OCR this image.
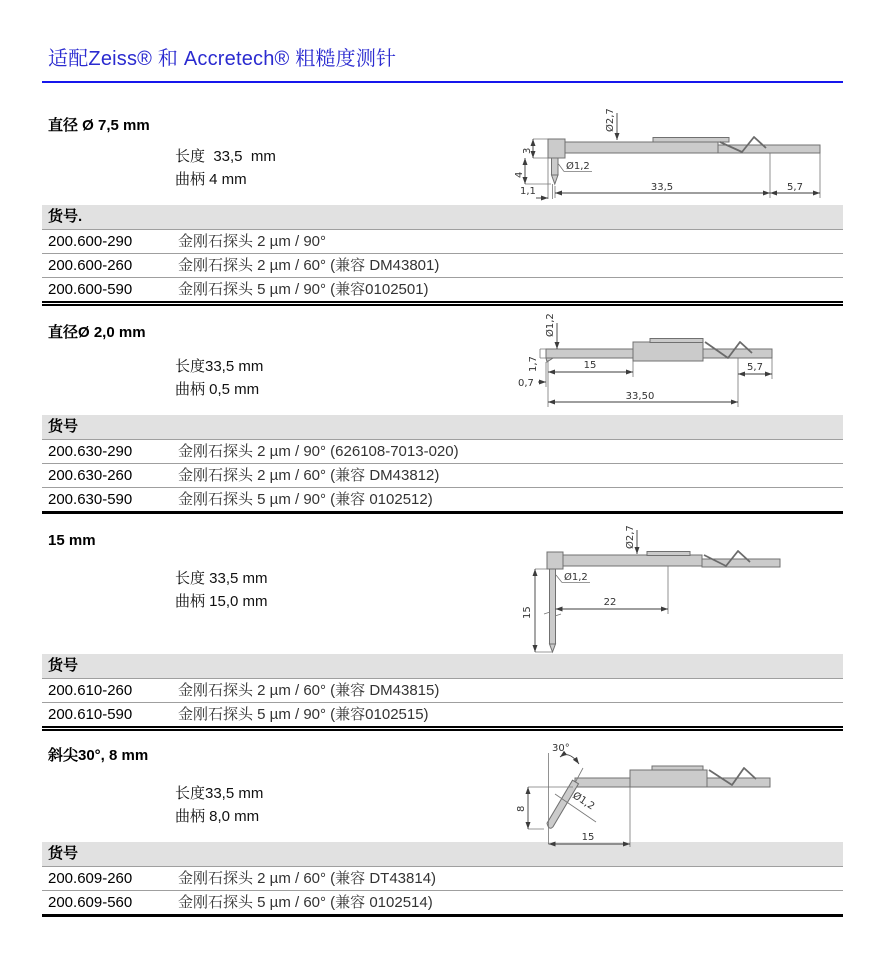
适配Zeiss® 和 Accretech® 粗糙度测针
直径 Ø 7,5 mm
长度  33,5  mm
曲柄 4 mm
Ø2,7
3
4
1,1
Ø1,2
33,5	5,7
货号.
200.600-290	金刚石探头 2 µm / 90°
200.600-260	金刚石探头 2 µm / 60° (兼容 DM43801)
200.600-590	金刚石探头 5 µm / 90° (兼容0102501)
直径Ø 2,0 mm
长度33,5 mm
曲柄 0,5 mm
Ø1,2
1,7
0,7
15	5,7
33,50
货号
200.630-290	金刚石探头 2 µm / 90° (626108-7013-020)
200.630-260	金刚石探头 2 µm / 60° (兼容 DM43812)
200.630-590	金刚石探头 5 µm / 90° (兼容 0102512)
15 mm
长度 33,5 mm
曲柄 15,0 mm
Ø2,7
Ø1,2
15
22
货号
200.610-260	金刚石探头 2 µm / 60° (兼容 DM43815)
200.610-590	金刚石探头 5 µm / 90° (兼容0102515)
斜尖30°, 8 mm
长度33,5 mm
曲柄 8,0 mm
30°
8	Ø1,2
15
货号
200.609-260	金刚石探头 2 µm / 60° (兼容 DT43814)
200.609-560	金刚石探头 5 µm / 60° (兼容 0102514)
